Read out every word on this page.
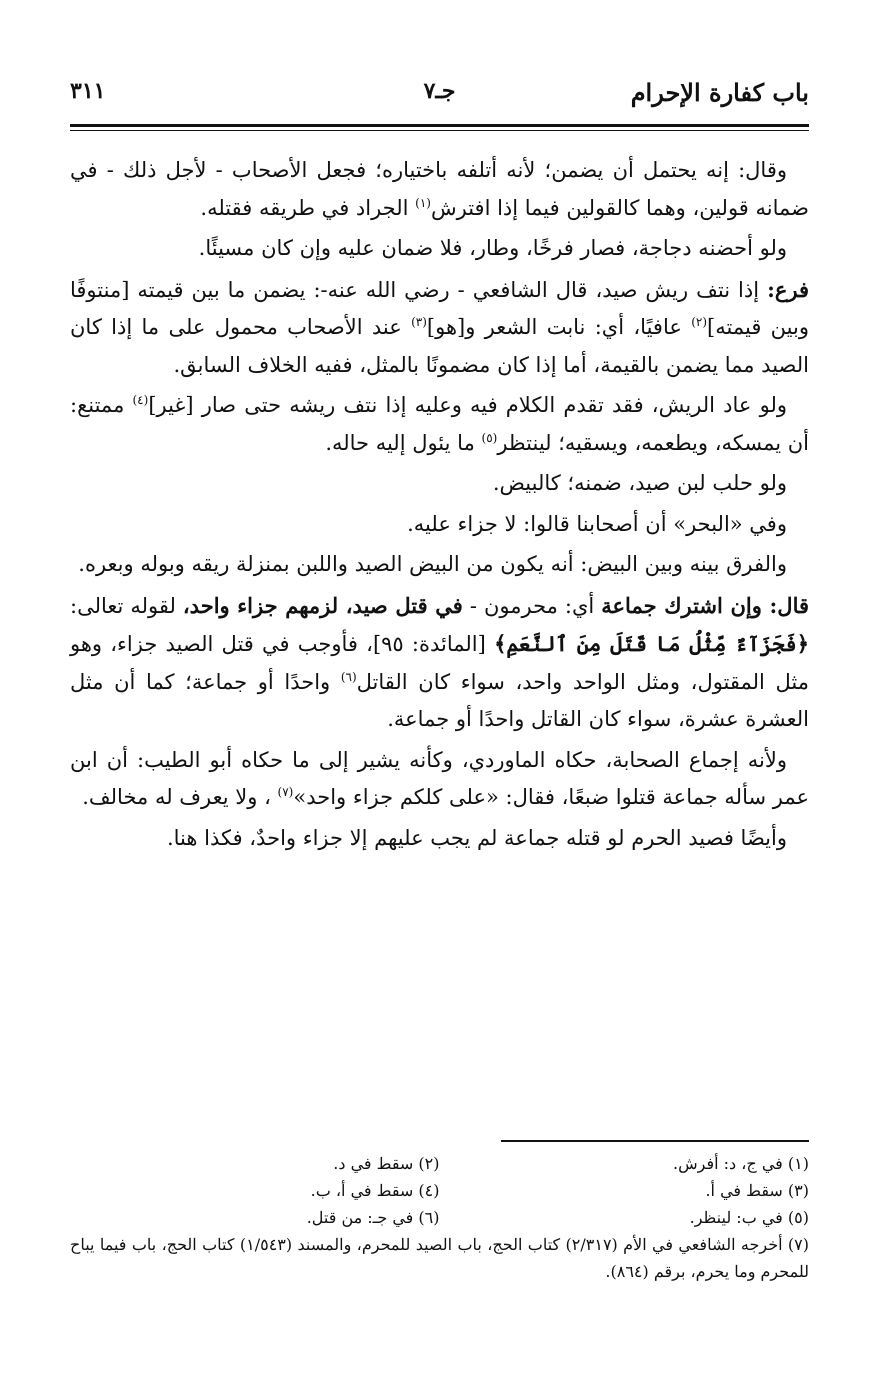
باب كفارة الإحرام
جـ٧
٣١١

وقال: إنه يحتمل أن يضمن؛ لأنه أتلفه باختياره؛ فجعل الأصحاب - لأجل ذلك - في ضمانه قولين، وهما كالقولين فيما إذا افترش$^{(١)}$ الجراد في طريقه فقتله.

ولو أحضنه دجاجة، فصار فرخًا، وطار، فلا ضمان عليه وإن كان مسيئًا.

فرع: إذا نتف ريش صيد، قال الشافعي - رضي الله عنه-: يضمن ما بين قيمته [منتوفًا وبين قيمته]$^{(٢)}$ عافيًا، أي: نابت الشعر و[هو]$^{(٣)}$ عند الأصحاب محمول على ما إذا كان الصيد مما يضمن بالقيمة، أما إذا كان مضمونًا بالمثل، ففيه الخلاف السابق.

ولو عاد الريش، فقد تقدم الكلام فيه وعليه إذا نتف ريشه حتى صار [غير]$^{(٤)}$ ممتنع: أن يمسكه، ويطعمه، ويسقيه؛ لينتظر$^{(٥)}$ ما يئول إليه حاله.

ولو حلب لبن صيد، ضمنه؛ كالبيض.

وفي «البحر» أن أصحابنا قالوا: لا جزاء عليه.

والفرق بينه وبين البيض: أنه يكون من البيض الصيد واللبن بمنزلة ريقه وبوله وبعره.

قال: وإن اشترك جماعة أي: محرمون - في قتل صيد، لزمهم جزاء واحد، لقوله تعالى: ﴿فَجَزَآءٌ مِّثْلُ مَا قَتَلَ مِنَ ٱلنَّعَمِ﴾ [المائدة: ٩٥]، فأوجب في قتل الصيد جزاء، وهو مثل المقتول، ومثل الواحد واحد، سواء كان القاتل$^{(٦)}$ واحدًا أو جماعة؛ كما أن مثل العشرة عشرة، سواء كان القاتل واحدًا أو جماعة.

ولأنه إجماع الصحابة، حكاه الماوردي، وكأنه يشير إلى ما حكاه أبو الطيب: أن ابن عمر سأله جماعة قتلوا ضبعًا، فقال: «على كلكم جزاء واحد»$^{(٧)}$ ، ولا يعرف له مخالف.

وأيضًا فصيد الحرم لو قتله جماعة لم يجب عليهم إلا جزاء واحدٌ، فكذا هنا.

(١) في ج، د: أفرش.
(٢) سقط في د.
(٣) سقط في أ.
(٤) سقط في أ، ب.
(٥) في ب: لينظر.
(٦) في جـ: من قتل.
(٧) أخرجه الشافعي في الأم (٢/٣١٧) كتاب الحج، باب الصيد للمحرم، والمسند (١/٥٤٣) كتاب الحج، باب فيما يباح للمحرم وما يحرم، برقم (٨٦٤).
